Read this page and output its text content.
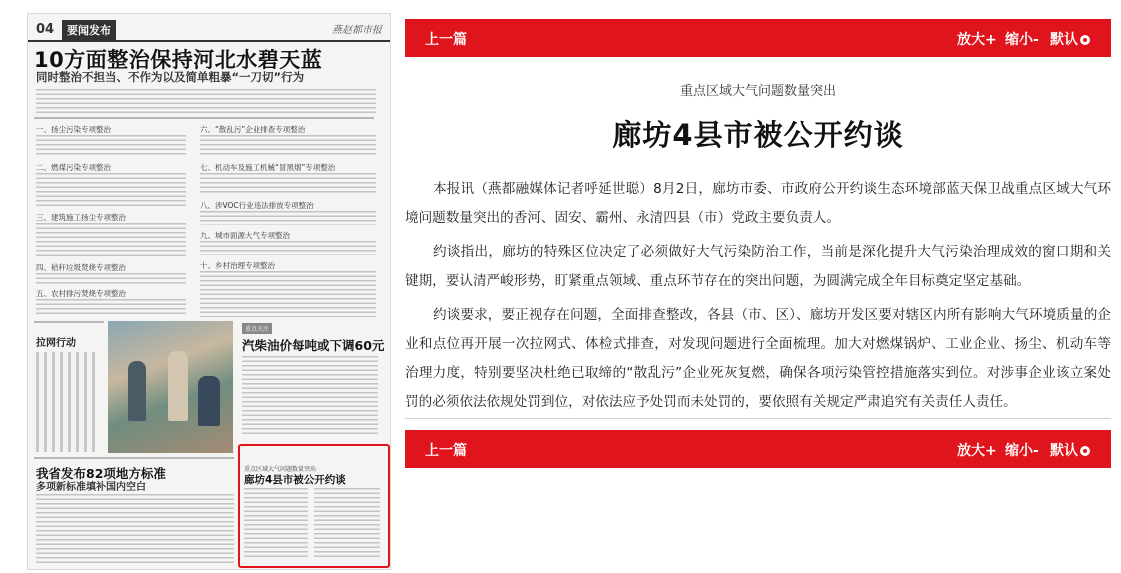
04	要闻发布	燕赵都市报
10方面整治保持河北水碧天蓝
同时整治不担当、不作为以及简单粗暴“一刀切”行为
一、扬尘污染专项整治
二、燃煤污染专项整治
三、建筑施工扬尘专项整治
四、秸秆垃圾焚烧专项整治
五、农村排污焚烧专项整治
六、“散乱污”企业排查专项整治
七、机动车及施工机械“冒黑烟”专项整治
八、涉VOC行业违法排放专项整治
九、城市面源大气专项整治
十、乡村治理专项整治
拉网行动
重点关注
汽柴油价每吨或下调60元
我省发布82项地方标准
多项新标准填补国内空白
重点区域大气问题数量突出
廊坊4县市被公开约谈
上一篇	放大+ 缩小- 默认
重点区域大气问题数量突出
廊坊4县市被公开约谈

本报讯（燕都融媒体记者呼延世聪）8月2日，廊坊市委、市政府公开约谈生态环境部蓝天保卫战重点区域大气环境问题数量突出的香河、固安、霸州、永清四县（市）党政主要负责人。

约谈指出，廊坊的特殊区位决定了必须做好大气污染防治工作，当前是深化提升大气污染治理成效的窗口期和关键期，要认清严峻形势，盯紧重点领域、重点环节存在的突出问题，为圆满完成全年目标奠定坚定基础。

约谈要求，要正视存在问题，全面排查整改，各县（市、区）、廊坊开发区要对辖区内所有影响大气环境质量的企业和点位再开展一次拉网式、体检式排查，对发现问题进行全面梳理。加大对燃煤锅炉、工业企业、扬尘、机动车等治理力度，特别要坚决杜绝已取缔的“散乱污”企业死灰复燃，确保各项污染管控措施落实到位。对涉事企业该立案处罚的必须依法依规处罚到位，对依法应予处罚而未处罚的，要依照有关规定严肃追究有关责任人责任。

上一篇	放大+ 缩小- 默认
